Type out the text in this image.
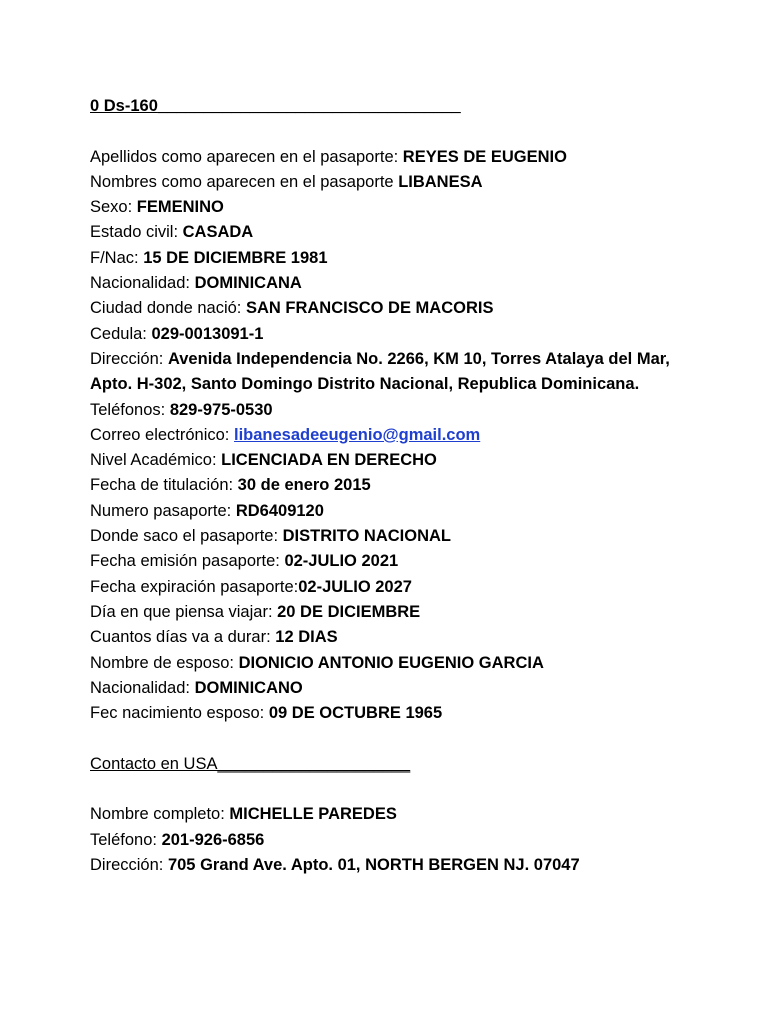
0 Ds-160_________________________________
Apellidos como aparecen en el pasaporte: REYES DE EUGENIO
Nombres como aparecen en el pasaporte LIBANESA
Sexo: FEMENINO
Estado civil: CASADA
F/Nac: 15 DE DICIEMBRE 1981
Nacionalidad: DOMINICANA
Ciudad donde nació: SAN FRANCISCO DE MACORIS
Cedula: 029-0013091-1
Dirección: Avenida Independencia No. 2266, KM 10, Torres Atalaya del Mar, Apto. H-302, Santo Domingo Distrito Nacional, Republica Dominicana.
Teléfonos: 829-975-0530
Correo electrónico: libanesadeeugenio@gmail.com
Nivel Académico: LICENCIADA EN DERECHO
Fecha de titulación: 30 de enero 2015
Numero pasaporte: RD6409120
Donde saco el pasaporte: DISTRITO NACIONAL
Fecha emisión pasaporte: 02-JULIO 2021
Fecha expiración pasaporte:02-JULIO 2027
Día en que piensa viajar: 20 DE DICIEMBRE
Cuantos días va a durar: 12 DIAS
Nombre de esposo: DIONICIO ANTONIO EUGENIO GARCIA
Nacionalidad: DOMINICANO
Fec nacimiento esposo: 09 DE OCTUBRE 1965
Contacto en USA_____________________
Nombre completo: MICHELLE PAREDES
Teléfono: 201-926-6856
Dirección: 705 Grand Ave. Apto. 01, NORTH BERGEN NJ. 07047
